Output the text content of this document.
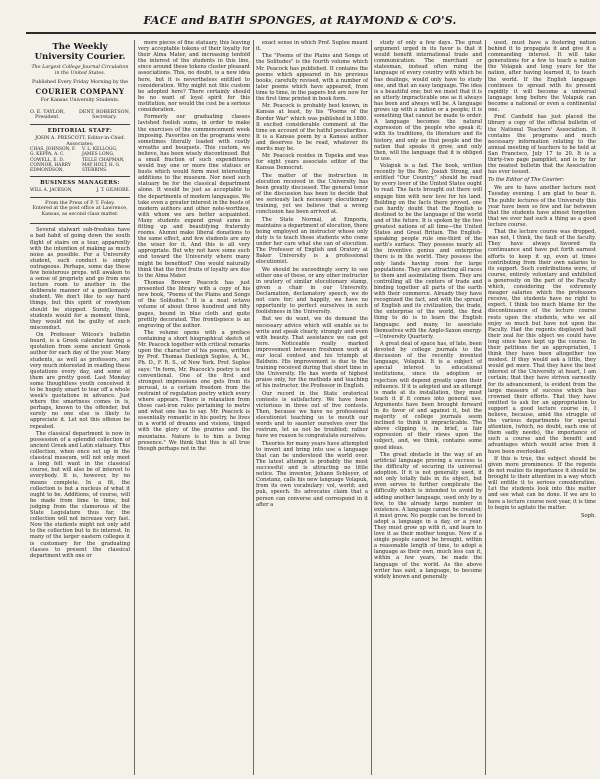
FACE and BATH SPONGES, at RAYMOND & CO'S.
The Weekly University Courier.
The Largest College Journal Circulation in the United States.
Published Every Friday Morning by the
COURIER COMPANY
For Kansas University Students.
O. E. TAYLOR,
President.
DENT. ROBERTSON,
Secretary.
EDITORIAL STAFF:
JOHN A. PRESCOTT, Editor-in-Chief.
Associates:
CHAS. JOHNSON, F. G. KEPPA, A. C. COWELL, E. D. CONNOR, HARRY EDMONDSON,
V. L. KELLOGG, JAMES LONG, TELLE CHAPMAN, MAY HOLT, H. G. STEBBINS.
BUSINESS MANAGERS:
WILL A. JACKSON,	J. T. GILMORE.
From the Press of P. T. Foley.
Entered at the post office at Lawrence, Kansas, as second class matter.

Several stalwart sub-freshies have a bad habit of going down the south flight of stairs on a tear, apparently with the intention of making as much noise as possible. For a University student, such conduct is simply outrageous. Perhaps, some day these few boisterous preps. will awaken to a sense of propriety and go from one lecture room to another in the deliberate manner of a gentlemanly student. We don't like to say hard things, but this spirit of rowdyism should be stopped. Surely, these students would for a moment think, they would not be guilty of such misconduct.

On Professor Wilcox's bulletin board, is a Greek calendar having a quotation from some ancient Greek author for each day of the year. Many students, as well as professors, are very much interested in reading these quotations every day, and some of them are pretty good. Last Monday some thoughtless youth conceived it to be hugely smart to tear off a whole week's quotations in advance. Just where the smartness comes in is, perhaps, known to the offender, but surely no one else is likely to appreciate it. Let not this offense be repeated.

The classical department is now in possession of a splendid collection of ancient Greek and Latin statuary. This collection, when once set up in the classical museum, will not only meet a long felt want in the classical course, but will also be of interest to everybody. It is, however, by no means complete. In a fit, the collection is but a nucleus of what it ought to be. Additions, of course, will be made from time to time, but judging from the clamorous of the State Legislature thus far, the collection will not increase very fast. Now the students might not only add to the collection but to its interest. In many of the larger eastern colleges it is customary for the graduating classes to present the classical department with one or

more pieces of fine statuary, this leaving very acceptable tokens of their loyalty for their Alma Mater, and increasing tenfold the interest of the students in this line, since around these tokens cluster pleasant associations. This, no doubt, is a new idea here, but it is nevertheless entitled to consideration. Why might not this custom be adopted here? There certainly should be no want of loyal spirit for this institution, nor would the cost be a serious consideration.

Formerly our graduating classes lavished foolish sums, in order to make the exercises of the commencement week imposing. Favorites on the programs were sometimes literally loaded with costly wreaths and bouquets. This custom, we believe, has been wisely discontinued. But a small fraction of such expenditures would buy one or more fine statues or busts which would form most interesting additions to the museum. Nor need such statuary be for the classical department alone. It would be just as acceptable to the departments of modern languages. We take even a greater interest in the busts of modern authors and other note-worthies, with whom we are better acquainted. Many students expend great sums in fitting up and beautifying fraternity rooms. Alumni make liberal donations to the same effect, and few students are any the wiser for it. And this is all very appropriate. But why not have some such end toward the University where many might be benefited? One would naturally think that the first fruits of loyalty are due to the Alma Mater.

Thomas Brower Peacock has just presented the library with a copy of his new book, "Poems of the Plains and Songs of the Solitudes." It is a neat octavo volume of about three hundred and fifty pages, bound in blue cloth and quite prettily decorated. The frontispiece is an engraving of the author.

The volume opens with a preface containing a short biographical sketch of Mr. Peacock together with critical remarks upon the character of his poems, written by Prof. Thomas Danleigh Suplee, A. M., Ph. D., F. R. S., of New York. Prof. Suplee says: "In form, Mr. Peacock's poetry is not conventional. One of the first and strongest impressions one gets from its perusal, is a certain freedom from the restraint of regulation poetry which every where appears. There is relaxation from those cast-iron rules pertaining to metre and what one has to say. Mr. Peacock is essentially romantic in his poetry, he lives in a world of dreams and visions, tinged with the glory of the prairies and the mountains. Nature is to him a living presence." We think that this is all true though perhaps not in the

exact sense in which Prof. Suplee meant it.

The "Poems of the Plains and Songs of the Solitudes" is the fourth volume which Mr. Peacock has published. It contains the poems which appeared in his previous books, carefully revised, with a number of later poems which have appeared, from time to time, in the papers but are now for the first time printed in book form.

Mr. Peacock is probably best known, in Kansas at least, by his "Poems of the Border War" which was published in 1880. It excited considerable comment at the time on account of the hatful peculiarities. It is a Kansas poem by a Kansas author and deserves to be read, whatever its merits may be.

Mr. Peacock resides in Topeka and was for eight years associate editor of the Kansas Democrat.

The matter of the instruction in elocution received in the University has been greatly discussed. The general tenor of the discussion has been to decide that we seriously lack necessary elocutionary training, yet we believe that a wrong conclusion has been arrived at.

The State Normal, at Emporia, maintains a department of elocution, there being employed an instructor whose only duty is to teach those students who come under her care what she can of elocution. The Professor of English and Oratory at Baker University is a professional elocutionist.

We should be exceedingly sorry to see either one of these, or any other instructor in oratory of similar elocutionary stamp, given a chair in our University. Declamation, declamatory speech, we do not care for; and happily, we have no opportunity to perfect ourselves in such foolishness in the University.

But we do want, we do demand the necessary advice which will enable us to write and speak clearly, strongly and even with beauty. That assistance we can get here. Noticeable really marked improvement between freshmen work at our local contest and his triumph at Baldwin. His improvement is due to the training received during that short time in the University. He has words of highest praise only, for the methods and teaching of his instructor, the Professor in English.

Our record in the State oratorical contests is satisfactory. We have been victorious in three out of five contests. Then, because we have no professional elocutionist teaching us to mouth our words and to saunter ourselves over the rostrum, let us not be troubled; rather have we reason to congratulate ourselves.

Theories for many years have attempted to invent and bring into use a language that can be understood the world over. The latest attempt is probably the most successful and is attracting no little notice. The inventor, Johann Schleyer, of Constanz, calls his new language Volapuk, from its own vocabulary: vol, world; and puk, speech. Its advocates claim that a person can converse and correspond in it after a

study of only a few days. The great argument urged in its favor is that it would benefit international trade and communication. The merchant or statesman, instead often ruing the language of every country with which he has dealings, would only have to study one, and that an easy language. The idea is a beautiful one; but we insist that it is an utterly impracticable one as it always has been and always will be. A language grows up with a nation or a people; it is something that cannot be made to order. A language becomes the natural expression of the people who speak it; with its traditions, its literature and its history, and only as that people and the nation that speaks it grow, and only then, will the language that it is obliged to use.

Volapuk is a fad. The book, written recently by the Rev. Josiah Strong, and entitled "Our Country," should be read by every lover of the United States ought to read. The facts brought out there will engage him with new love for his land. Building on the facts there proved, one can hardly doubt that the English is destined to be the language of the world and of the future. It is spoken by the two greatest nations of all time—the United States and Great Britain. The English-speaking people rule one-third of the earth's surface. They possess nearly all the inventive genius and enterprise there is in the world. They possess the only lands having room for large populations. They are attracting all races to them and assimilating them. They are controlling all the centers of trade and binding together all parts of the earth with their commerce. Already they have recognized the fact, and with the spread of English and its civilization, the trade, the enterprise of the world, the first thing to do is to learn the English language; and many, to associate themselves with the Anglo-Saxon energy.—University Quarterly.

A great deal of space has, of late, been devoted by college journals to the discussion of the recently invented language, Volapuk. It is a subject of special interest to educational institutions, since its adoption or rejection will depend greatly upon their influence. If it is adopted and an attempt is made at its installation, they must teach it if it comes into general use. Arguments have been brought forward in its favor of and against it, but the majority of college journals seem inclined to think it impracticable. The above clipping is, in brief, a fair expression of their views upon the subject, and, we think, contains some good ideas.

The great obstacle in the way of an artificial language proving a success is the difficulty of securing its universal adoption. If it is not generally used, it not only totally fails in its object, but even serves to further complicate the difficulty which is intended to avoid by adding another language, used only by a few, to the already large number in existence. A language cannot be created; it must grow. No people can be forced to adopt a language in a day, or a year. They must grow up with it, and learn to love it as their mother tongue. Now if a single people cannot be brought, within a reasonable length of time, to adopt a language as their own, much less can it, within a few years, be made the language of the world. As the above writer has said, a language, to become widely known and generally

used, must have a fostering nation behind it to propagate it and give it a commanding interest. It will take generations for a few to teach a nation the Volapuk and long years for the nation, after having learned it, to teach the world. If the English language continues to spread with its present rapidity it will become a universal language long before the Volapuk can become a national or even a continental one.

Prof. Canfield has just placed the library a copy of the official bulletin of the National Teachers' Association. It contains the programs and much necessary information relating to the annual meeting of teachers to be held at San Francisco, July 17 to 20. It is a thirty-two page pamphlet, and is by far the neatest bulletin that the Association has ever issued.

To the Editor of The Courier:

We are to have another lecture next Tuesday evening. I am glad to hear it. The public lectures of the University this year have been so few and far between that the students have almost forgotten that we ever had such a thing as a good lecture course.

That the lecture course was dropped, was not, I think, the fault of the faculty. They have always favored its continuance and have put forth earnest efforts to keep it up, even at times contributing from their own salaries to its support. Such contributions were, of course, entirely voluntary and exhibited a generosity on the part of the Faculty which, considering the extremely meager salaries which the professors receive, the students have no right to expect. I think too much blame for the discontinuance of the lecture course rests upon the students, who we all enjoy so much but have not upon the Faculty. Had the regents displayed half their zeal for this object we could have long since have kept up the course. In their petitions for an appropriation, I think they have been altogether too modest. If they would ask a little, they would get more. That they have the best interest of the University at heart, I am certain; that they have striven earnestly for its advancement, is evident from the large measure of success which has crowned their efforts. That they have omitted to ask for an appropriation to support a good lecture course in, I believe, because, amid the struggle of the various departments for special attention, (which, no doubt, each one of them sadly needs), the importance of such a course and the benefit and advantages which would arise from it have been overlooked.

If this is true, the subject should be given more prominence. If the regents do not realize its importance it should be brought to their attention in a way which will entitle it to serious consideration. Let the students look into this matter and see what can be done. If we are to have a lecture course next year, it is time to begin to agitate the matter.

Soph.
